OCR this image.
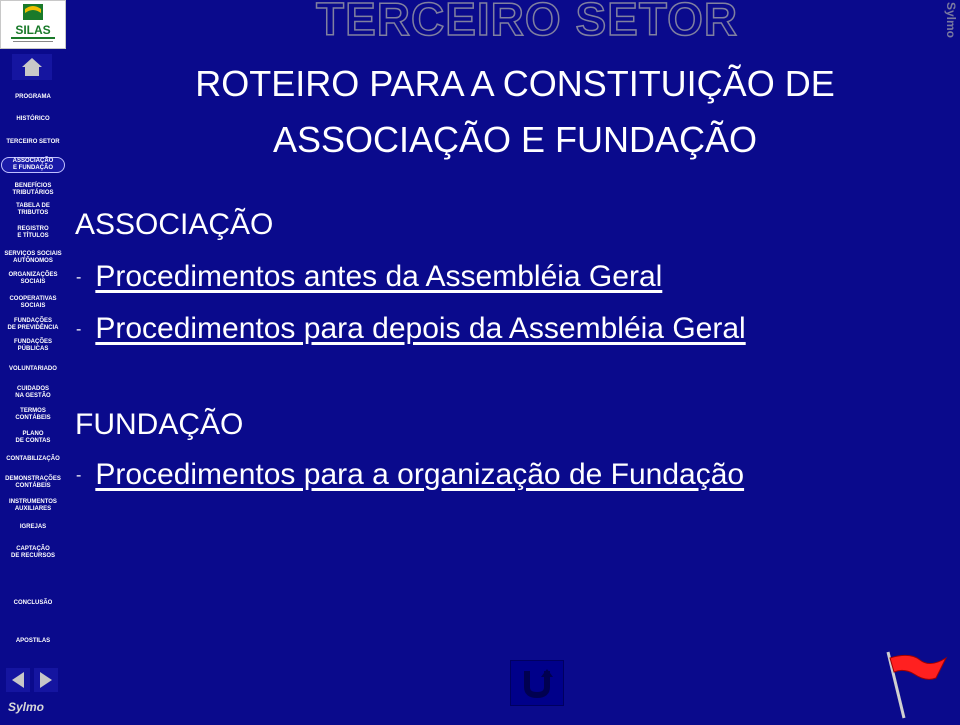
SILAS
PROGRAMA
HISTÓRICO
TERCEIRO SETOR
ASSOCIAÇÃO
E FUNDAÇÃO
BENEFÍCIOS
TRIBUTÁRIOS
TABELA DE
TRIBUTOS
REGISTRO
E TÍTULOS
SERVIÇOS SOCIAIS
AUTÔNOMOS
ORGANIZAÇÕES
SOCIAIS
COOPERATIVAS
SOCIAIS
FUNDAÇÕES
DE PREVIDÊNCIA
FUNDAÇÕES
PÚBLICAS
VOLUNTARIADO
CUIDADOS
NA GESTÃO
TERMOS
CONTÁBEIS
PLANO
DE CONTAS
CONTABILIZAÇÃO
DEMONSTRAÇÕES
CONTÁBEIS
INSTRUMENTOS
AUXILIARES
IGREJAS
CAPTAÇÃO
DE RECURSOS
CONCLUSÃO
APOSTILAS
Sylmo
TERCEIRO SETOR	Sylmo
ROTEIRO PARA A CONSTITUIÇÃO DE
ASSOCIAÇÃO E FUNDAÇÃO
ASSOCIAÇÃO
- Procedimentos antes da Assembléia Geral
- Procedimentos para depois da Assembléia Geral
FUNDAÇÃO
- Procedimentos para a organização de Fundação
